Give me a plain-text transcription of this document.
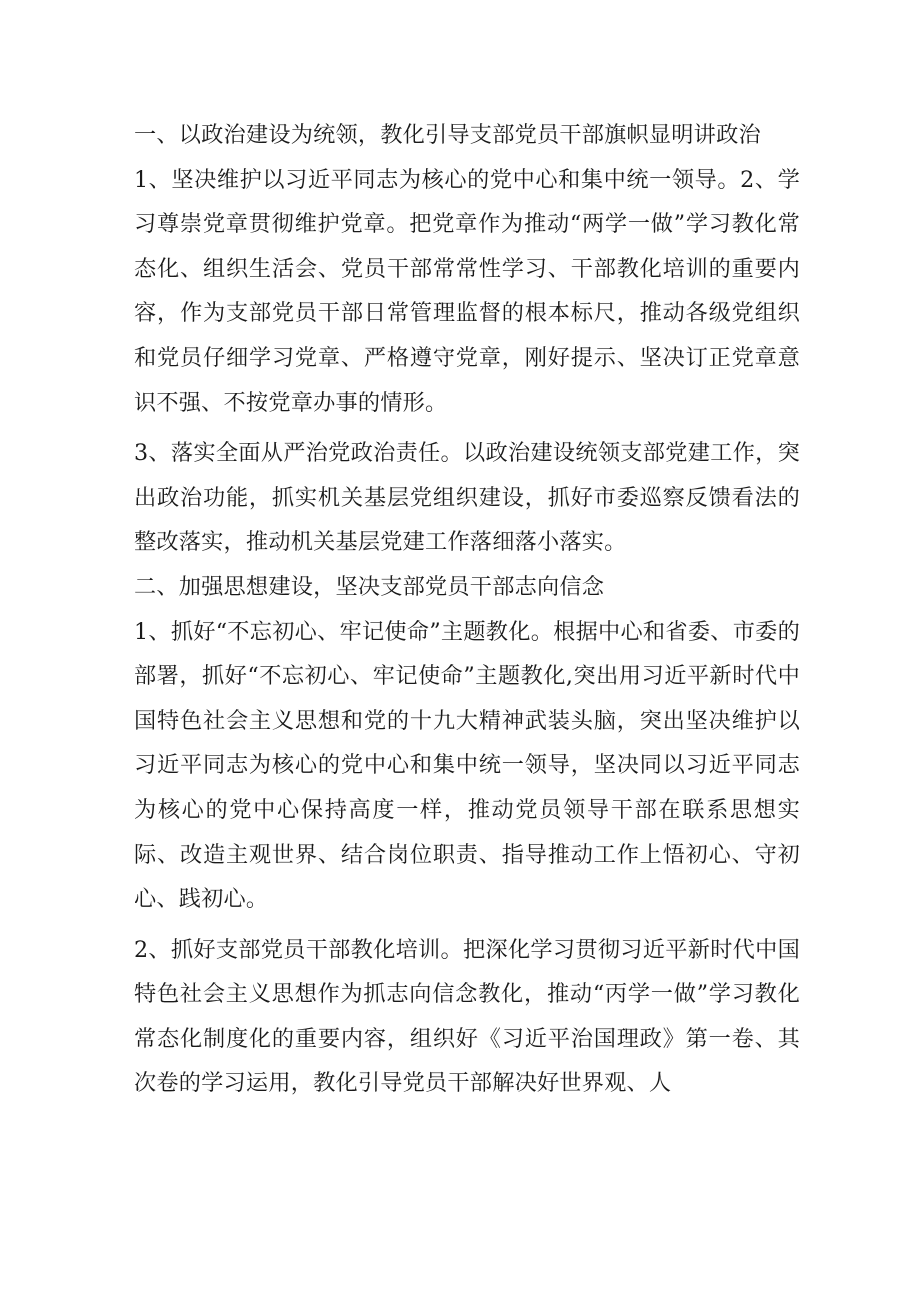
一、以政治建设为统领，教化引导支部党员干部旗帜显明讲政治

1、坚决维护以习近平同志为核心的党中心和集中统一领导。2、学习尊崇党章贯彻维护党章。把党章作为推动“两学一做”学习教化常态化、组织生活会、党员干部常常性学习、干部教化培训的重要内容，作为支部党员干部日常管理监督的根本标尺，推动各级党组织和党员仔细学习党章、严格遵守党章，刚好提示、坚决订正党章意识不强、不按党章办事的情形。

3、落实全面从严治党政治责任。以政治建设统领支部党建工作，突出政治功能，抓实机关基层党组织建设，抓好市委巡察反馈看法的整改落实，推动机关基层党建工作落细落小落实。

二、加强思想建设，坚决支部党员干部志向信念

1、抓好“不忘初心、牢记使命”主题教化。根据中心和省委、市委的部署，抓好“不忘初心、牢记使命”主题教化,突出用习近平新时代中国特色社会主义思想和党的十九大精神武装头脑，突出坚决维护以习近平同志为核心的党中心和集中统一领导，坚决同以习近平同志为核心的党中心保持高度一样，推动党员领导干部在联系思想实际、改造主观世界、结合岗位职责、指导推动工作上悟初心、守初心、践初心。

2、抓好支部党员干部教化培训。把深化学习贯彻习近平新时代中国特色社会主义思想作为抓志向信念教化，推动“丙学一做”学习教化常态化制度化的重要内容，组织好《习近平治国理政》第一卷、其次卷的学习运用，教化引导党员干部解决好世界观、人
